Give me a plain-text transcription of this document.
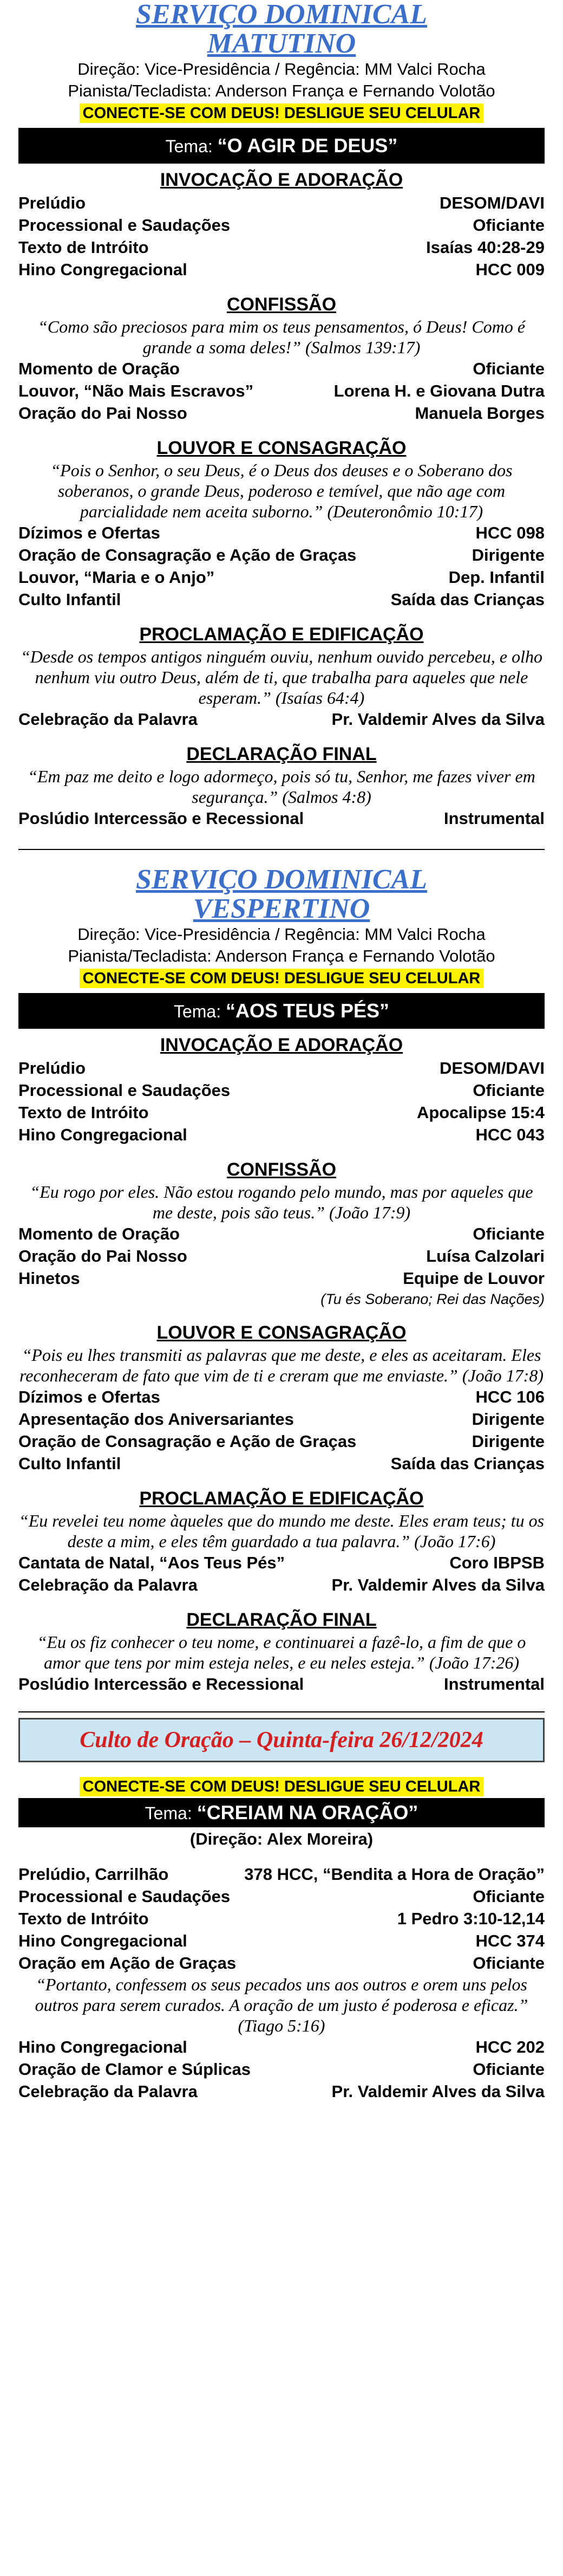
SERVIÇO DOMINICAL
MATUTINO
Direção: Vice-Presidência / Regência: MM Valci Rocha
Pianista/Tecladista: Anderson França e Fernando Volotão
CONECTE-SE COM DEUS! DESLIGUE SEU CELULAR
Tema: “O AGIR DE DEUS”
INVOCAÇÃO E ADORAÇÃO
Prelúdio	DESOM/DAVI
Processional e Saudações	Oficiante
Texto de Intróito	Isaías 40:28-29
Hino Congregacional	HCC 009
CONFISSÃO
“Como são preciosos para mim os teus pensamentos, ó Deus! Como é grande a soma deles!” (Salmos 139:17)
Momento de Oração	Oficiante
Louvor, “Não Mais Escravos”	Lorena H. e Giovana Dutra
Oração do Pai Nosso	Manuela Borges
LOUVOR E CONSAGRAÇÃO
“Pois o Senhor, o seu Deus, é o Deus dos deuses e o Soberano dos soberanos, o grande Deus, poderoso e temível, que não age com parcialidade nem aceita suborno.” (Deuteronômio 10:17)
Dízimos e Ofertas	HCC 098
Oração de Consagração e Ação de Graças	Dirigente
Louvor, “Maria e o Anjo”	Dep. Infantil
Culto Infantil	Saída das Crianças
PROCLAMAÇÃO E EDIFICAÇÃO
“Desde os tempos antigos ninguém ouviu, nenhum ouvido percebeu, e olho nenhum viu outro Deus, além de ti, que trabalha para aqueles que nele esperam.” (Isaías 64:4)
Celebração da Palavra	Pr. Valdemir Alves da Silva
DECLARAÇÃO FINAL
“Em paz me deito e logo adormeço, pois só tu, Senhor, me fazes viver em segurança.” (Salmos 4:8)
Poslúdio Intercessão e Recessional	Instrumental
SERVIÇO DOMINICAL
VESPERTINO
Direção: Vice-Presidência / Regência: MM Valci Rocha
Pianista/Tecladista: Anderson França e Fernando Volotão
CONECTE-SE COM DEUS! DESLIGUE SEU CELULAR
Tema: “AOS TEUS PÉS”
INVOCAÇÃO E ADORAÇÃO
Prelúdio	DESOM/DAVI
Processional e Saudações	Oficiante
Texto de Intróito	Apocalipse 15:4
Hino Congregacional	HCC 043
CONFISSÃO
“Eu rogo por eles. Não estou rogando pelo mundo, mas por aqueles que me deste, pois são teus.” (João 17:9)
Momento de Oração	Oficiante
Oração do Pai Nosso	Luísa Calzolari
Hinetos	Equipe de Louvor
(Tu és Soberano; Rei das Nações)
LOUVOR E CONSAGRAÇÃO
“Pois eu lhes transmiti as palavras que me deste, e eles as aceitaram. Eles reconheceram de fato que vim de ti e creram que me enviaste.” (João 17:8)
Dízimos e Ofertas	HCC 106
Apresentação dos Aniversariantes	Dirigente
Oração de Consagração e Ação de Graças	Dirigente
Culto Infantil	Saída das Crianças
PROCLAMAÇÃO E EDIFICAÇÃO
“Eu revelei teu nome àqueles que do mundo me deste. Eles eram teus; tu os deste a mim, e eles têm guardado a tua palavra.” (João 17:6)
Cantata de Natal, “Aos Teus Pés”	Coro IBPSB
Celebração da Palavra	Pr. Valdemir Alves da Silva
DECLARAÇÃO FINAL
“Eu os fiz conhecer o teu nome, e continuarei a fazê-lo, a fim de que o amor que tens por mim esteja neles, e eu neles esteja.” (João 17:26)
Poslúdio Intercessão e Recessional	Instrumental
Culto de Oração – Quinta-feira 26/12/2024
CONECTE-SE COM DEUS! DESLIGUE SEU CELULAR
Tema: “CREIAM NA ORAÇÃO”
(Direção: Alex Moreira)
Prelúdio, Carrilhão	378 HCC, “Bendita a Hora de Oração”
Processional e Saudações	Oficiante
Texto de Intróito	1 Pedro 3:10-12,14
Hino Congregacional	HCC 374
Oração em Ação de Graças	Oficiante
“Portanto, confessem os seus pecados uns aos outros e orem uns pelos outros para serem curados. A oração de um justo é poderosa e eficaz.” (Tiago 5:16)
Hino Congregacional	HCC 202
Oração de Clamor e Súplicas	Oficiante
Celebração da Palavra	Pr. Valdemir Alves da Silva
